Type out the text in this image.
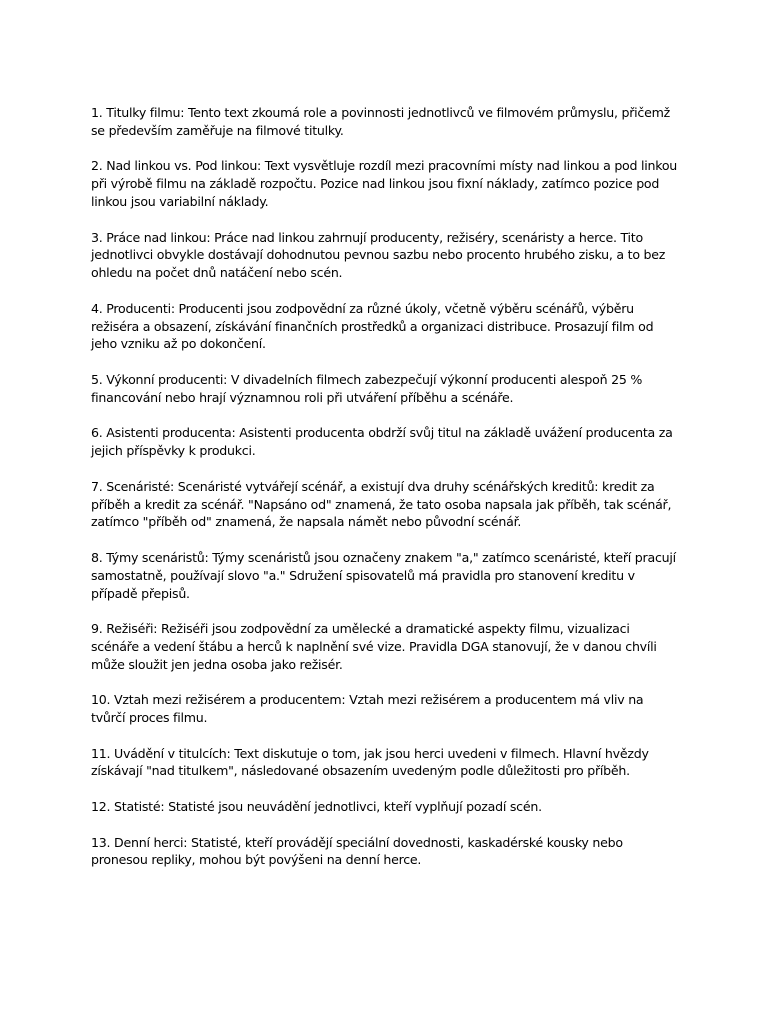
1. Titulky filmu: Tento text zkoumá role a povinnosti jednotlivců ve filmovém průmyslu, přičemž se především zaměřuje na filmové titulky.

2. Nad linkou vs. Pod linkou: Text vysvětluje rozdíl mezi pracovními místy nad linkou a pod linkou při výrobě filmu na základě rozpočtu. Pozice nad linkou jsou fixní náklady, zatímco pozice pod linkou jsou variabilní náklady.

3. Práce nad linkou: Práce nad linkou zahrnují producenty, režiséry, scenáristy a herce. Tito jednotlivci obvykle dostávají dohodnutou pevnou sazbu nebo procento hrubého zisku, a to bez ohledu na počet dnů natáčení nebo scén.

4. Producenti: Producenti jsou zodpovědní za různé úkoly, včetně výběru scénářů, výběru režiséra a obsazení, získávání finančních prostředků a organizaci distribuce. Prosazují film od jeho vzniku až po dokončení.

5. Výkonní producenti: V divadelních filmech zabezpečují výkonní producenti alespoň 25 % financování nebo hrají významnou roli při utváření příběhu a scénáře.

6. Asistenti producenta: Asistenti producenta obdrží svůj titul na základě uvážení producenta za jejich příspěvky k produkci.

7. Scenáristé: Scenáristé vytvářejí scénář, a existují dva druhy scénářských kreditů: kredit za příběh a kredit za scénář. "Napsáno od" znamená, že tato osoba napsala jak příběh, tak scénář, zatímco "příběh od" znamená, že napsala námět nebo původní scénář.

8. Týmy scenáristů: Týmy scenáristů jsou označeny znakem "a," zatímco scenáristé, kteří pracují samostatně, používají slovo "a." Sdružení spisovatelů má pravidla pro stanovení kreditu v případě přepisů.

9. Režiséři: Režiséři jsou zodpovědní za umělecké a dramatické aspekty filmu, vizualizaci scénáře a vedení štábu a herců k naplnění své vize. Pravidla DGA stanovují, že v danou chvíli může sloužit jen jedna osoba jako režisér.

10. Vztah mezi režisérem a producentem: Vztah mezi režisérem a producentem má vliv na tvůrčí proces filmu.

11. Uvádění v titulcích: Text diskutuje o tom, jak jsou herci uvedeni v filmech. Hlavní hvězdy získávají "nad titulkem", následované obsazením uvedeným podle důležitosti pro příběh.

12. Statisté: Statisté jsou neuvádění jednotlivci, kteří vyplňují pozadí scén.

13. Denní herci: Statisté, kteří provádějí speciální dovednosti, kaskadérské kousky nebo pronesou repliky, mohou být povýšeni na denní herce.
